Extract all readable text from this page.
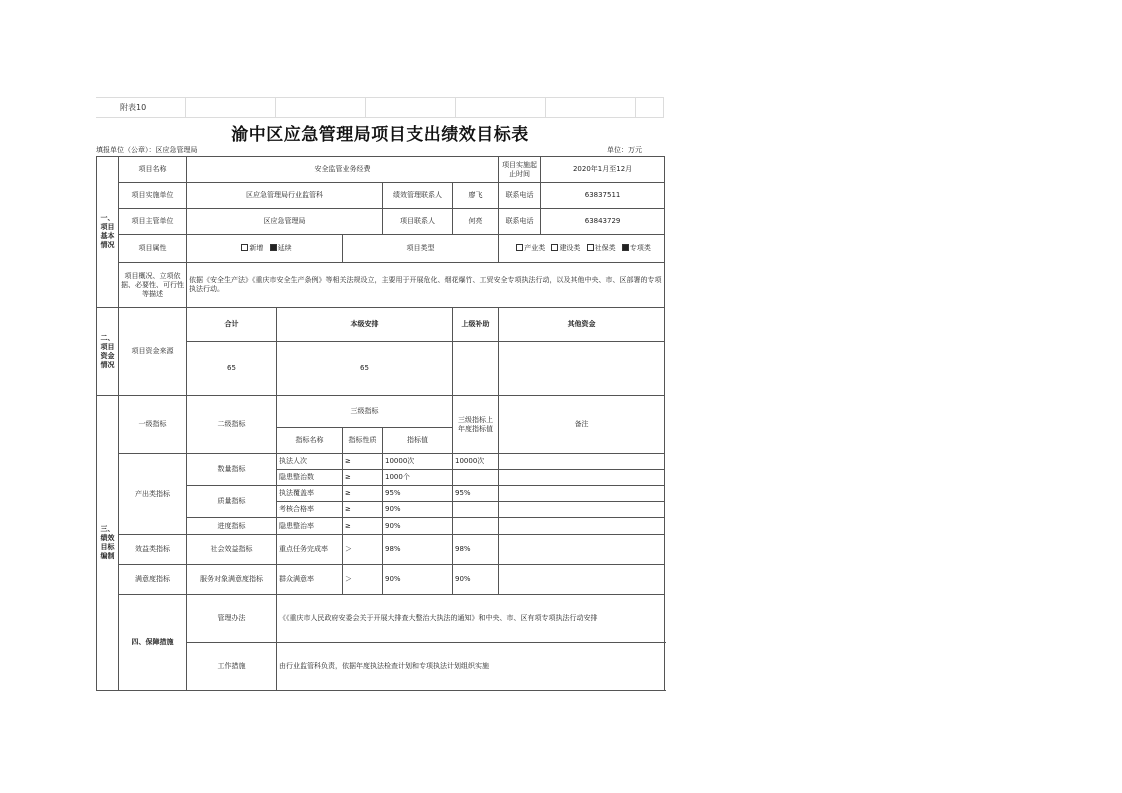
附表10
渝中区应急管理局项目支出绩效目标表
填报单位（公章）：区应急管理局	单位：万元
一、项目基本情况	项目名称	安全监管业务经费					项目实施起止时间	2020年1月至12月
	项目实施单位	区应急管理局行业监管科			绩效管理联系人	廖飞	联系电话	63837511
	项目主管单位	区应急管理局			项目联系人	何亮	联系电话	63843729
	项目属性	新增 延续		项目类型			产业类 建设类 社保类 专项类	
	项目概况、立项依据、必要性、可行性等描述	依据《安全生产法》《重庆市安全生产条例》等相关法规设立，主要用于开展危化、烟花爆竹、工贸安全专项执法行动，以及其他中央、市、区部署的专项执法行动。						

二、项目资金情况	项目资金来源	合计	本级安排			上级补助	其他资金	
		65	65					

三、绩效目标编制	一级指标	二级指标	三级指标			三级指标上年度指标值	备注	
			指标名称	指标性质	指标值			
	产出类指标	数量指标	执法人次	≥	10000次	10000次		
			隐患整治数	≥	1000个			
		质量指标	执法覆盖率	≥	95%	95%		
			考核合格率	≥	90%			
		进度指标	隐患整治率	≥	90%			
	效益类指标	社会效益指标	重点任务完成率	＞	98%	98%		
	满意度指标	服务对象满意度指标	群众满意率	＞	90%	90%		

	四、保障措施	管理办法	《《重庆市人民政府安委会关于开展大排查大整治大执法的通知》和中央、市、区有项专项执法行动安排					
		工作措施	由行业监管科负责，依据年度执法检查计划和专项执法计划组织实施					
